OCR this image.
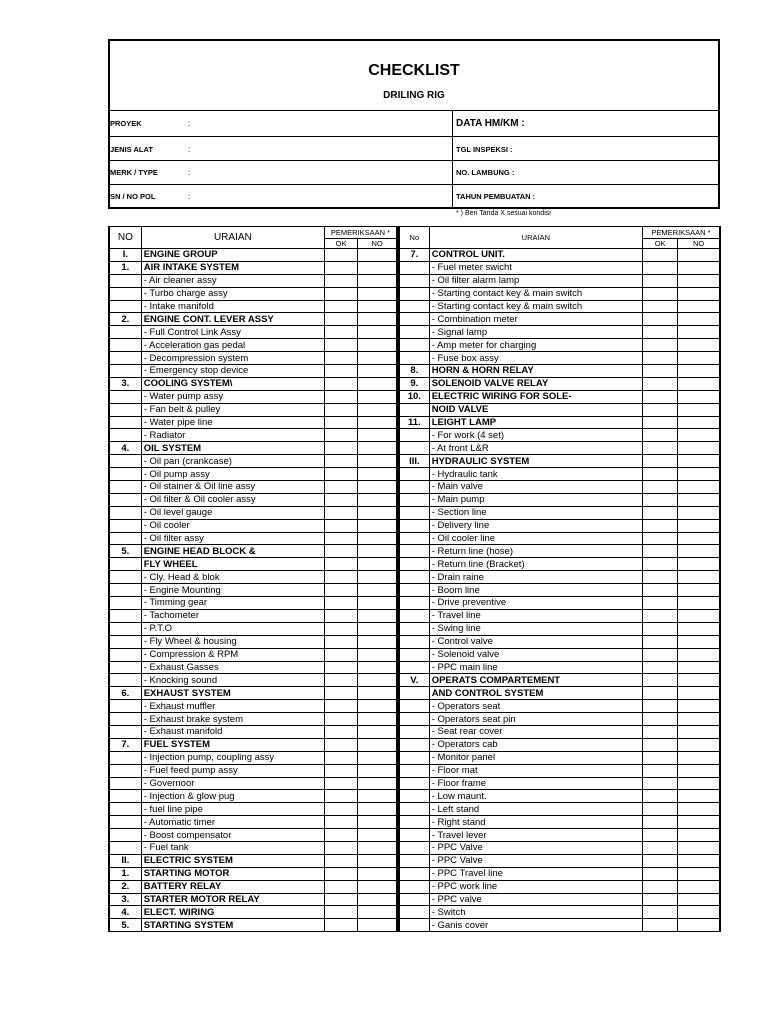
CHECKLIST
DRILING RIG
PROYEK	:
JENIS ALAT	:
MERK / TYPE	:
SN / NO POL	:
DATA HM/KM :
TGL INSPEKSI :
NO. LAMBUNG :
TAHUN PEMBUATAN :
* ) Beri Tanda X sesuai kondisi
NO	URAIAN	PEMERIKSAAN *	
		OK	NO
I.	ENGINE GROUP		
1.	AIR INTAKE SYSTEM		
	- Air cleaner assy		
	- Turbo charge assy		
	- Intake manifold		
2.	ENGINE CONT. LEVER ASSY		
	- Full Control Link Assy		
	- Acceleration gas pedal		
	- Decompression system		
	- Emergency stop device		
3.	COOLING SYSTEM\		
	- Water pump assy		
	- Fan belt & pulley		
	- Water pipe line		
	- Radiator		
4.	OIL SYSTEM		
	- Oil pan (crankcase)		
	- Oil pump assy		
	- Oil stainer & Oil line assy		
	- Oil filter & Oil cooler assy		
	- Oil level gauge		
	- Oil cooler		
	- Oil filter assy		
5.	ENGINE HEAD BLOCK &		
	FLY WHEEL		
	- Cly. Head & blok		
	- Engine Mounting		
	- Timming gear		
	- Tachometer		
	- P.T.O		
	- Fly Wheel & housing		
	- Compression & RPM		
	- Exhaust Gasses		
	- Knocking sound		
6.	EXHAUST SYSTEM		
	- Exhaust muffler		
	- Exhaust brake system		
	- Exhaust manifold		
7.	FUEL SYSTEM		
	- Injection pump, coupling assy		
	- Fuel feed pump assy		
	- Governoor		
	- Injection & glow pug		
	- fuel line pipe		
	- Automatic timer		
	- Boost compensator		
	- Fuel tank		
II.	ELECTRIC SYSTEM		
1.	STARTING MOTOR		
2.	BATTERY RELAY		
3.	STARTER MOTOR RELAY		
4.	ELECT. WIRING		
5.	STARTING SYSTEM		
No	URAIAN	PEMERIKSAAN *	
		OK	NO
7.	CONTROL UNIT.		
	- Fuel meter swicht		
	- Oil filter alarm lamp		
	- Starting contact key & main switch		
	- Starting contact key & main switch		
	- Combination meter		
	- Signal lamp		
	- Amp meter for charging		
	- Fuse box assy		
8.	HORN & HORN RELAY		
9.	SOLENOID VALVE RELAY		
10.	ELECTRIC WIRING FOR SOLE-		
	NOID VALVE		
11.	LEIGHT LAMP		
	- For work (4 set)		
	- At front L&R		
III.	HYDRAULIC SYSTEM		
	- Hydraulic tank		
	- Main valve		
	- Main pump		
	- Section line		
	- Delivery line		
	- Oil cooler line		
	- Return line (hose)		
	- Return line (Bracket)		
	- Drain raine		
	- Boom line		
	- Drive preventive		
	- Travel line		
	- Swing line		
	- Control valve		
	- Solenoid valve		
	- PPC main line		
V.	OPERATS COMPARTEMENT		
	AND CONTROL SYSTEM		
	- Operators seat		
	- Operators seat pin		
	- Seat rear cover		
	- Operators cab		
	- Monitor panel		
	- Floor mat		
	- Floor frame		
	- Low maunt.		
	- Left stand		
	- Right stand		
	- Travel lever		
	- PPC Valve		
	- PPC Valve		
	- PPC Travel line		
	- PPC work line		
	- PPC valve		
	- Switch		
	- Ganis cover		
